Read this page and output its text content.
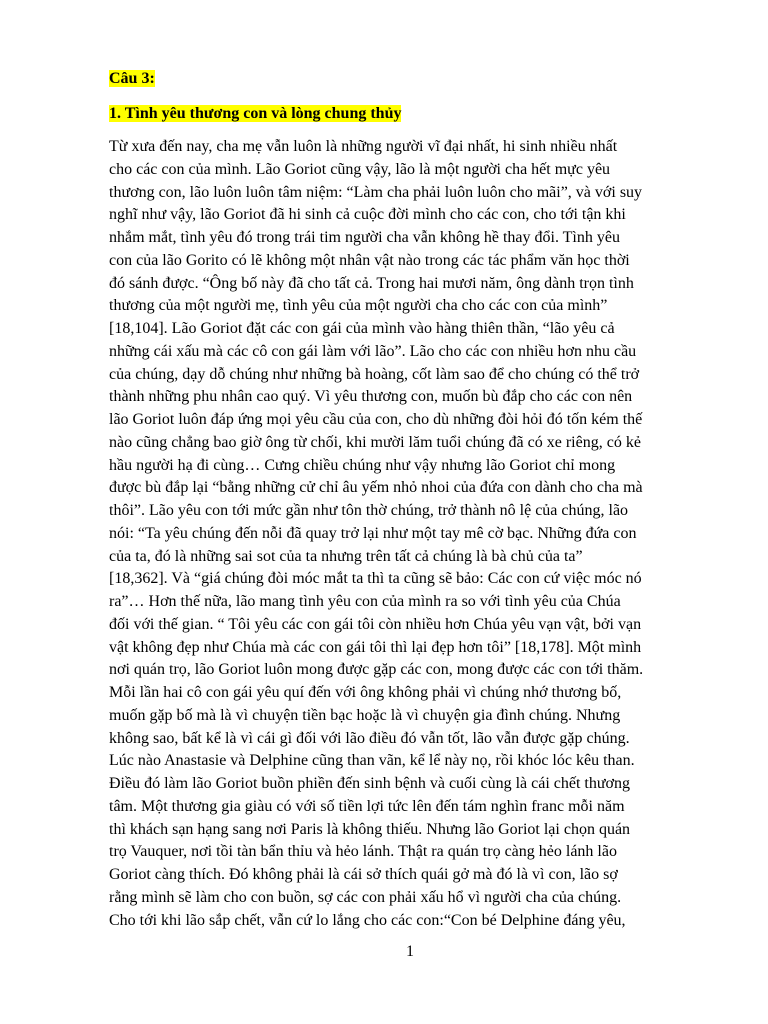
Câu 3:
1. Tình yêu thương con và lòng chung thủy
Từ xưa đến nay, cha mẹ vẫn luôn là những người vĩ đại nhất, hi sinh nhiều nhất
cho các con của mình. Lão Goriot cũng vậy, lão là một người cha hết mực yêu
thương con, lão luôn luôn tâm niệm: “Làm cha phải luôn luôn cho mãi”, và với suy
nghĩ như vậy, lão Goriot đã hi sinh cả cuộc đời mình cho các con, cho tới tận khi
nhắm mắt, tình yêu đó trong trái tim người cha vẫn không hề thay đổi. Tình yêu
con của lão Gorito có lẽ không một nhân vật nào trong các tác phẩm văn học thời
đó sánh được. “Ông bố này đã cho tất cả. Trong hai mươi năm, ông dành trọn tình
thương của một người mẹ, tình yêu của một người cha cho các con của mình”
[18,104]. Lão Goriot đặt các con gái của mình vào hàng thiên thần, “lão yêu cả
những cái xấu mà các cô con gái làm với lão”. Lão cho các con nhiều hơn nhu cầu
của chúng, dạy dỗ chúng như những bà hoàng, cốt làm sao để cho chúng có thể trở
thành những phu nhân cao quý. Vì yêu thương con, muốn bù đắp cho các con nên
lão Goriot luôn đáp ứng mọi yêu cầu của con, cho dù những đòi hỏi đó tốn kém thế
nào cũng chẳng bao giờ ông từ chối, khi mười lăm tuổi chúng đã có xe riêng, có kẻ
hầu người hạ đi cùng… Cưng chiều chúng như vậy nhưng lão Goriot chỉ mong
được bù đắp lại “bằng những cử chỉ âu yếm nhỏ nhoi của đứa con dành cho cha mà
thôi”. Lão yêu con tới mức gần như tôn thờ chúng, trở thành nô lệ của chúng, lão
nói: “Ta yêu chúng đến nỗi đã quay trở lại như một tay mê cờ bạc. Những đứa con
của ta, đó là những sai sot của ta nhưng trên tất cả chúng là bà chủ của ta”
[18,362]. Và “giá chúng đòi móc mắt ta thì ta cũng sẽ bảo: Các con cứ việc móc nó
ra”… Hơn thế nữa, lão mang tình yêu con của mình ra so với tình yêu của Chúa
đối với thế gian. “ Tôi yêu các con gái tôi còn nhiều hơn Chúa yêu vạn vật, bởi vạn
vật không đẹp như Chúa mà các con gái tôi thì lại đẹp hơn tôi” [18,178]. Một mình
nơi quán trọ, lão Goriot luôn mong được gặp các con, mong được các con tới thăm.
Mỗi lần hai cô con gái yêu quí đến với ông không phải vì chúng nhớ thương bố,
muốn gặp bố mà là vì chuyện tiền bạc hoặc là vì chuyện gia đình chúng. Nhưng
không sao, bất kể là vì cái gì đối với lão điều đó vẫn tốt, lão vẫn được gặp chúng.
Lúc nào Anastasie và Delphine cũng than vãn, kể lể này nọ, rồi khóc lóc kêu than.
Điều đó làm lão Goriot buồn phiền đến sinh bệnh và cuối cùng là cái chết thương
tâm. Một thương gia giàu có với số tiền lợi tức lên đến tám nghìn franc mỗi năm
thì khách sạn hạng sang nơi Paris là không thiếu. Nhưng lão Goriot lại chọn quán
trọ Vauquer, nơi tồi tàn bẩn thỉu và hẻo lánh. Thật ra quán trọ càng hẻo lánh lão
Goriot càng thích. Đó không phải là cái sở thích quái gở mà đó là vì con, lão sợ
rằng mình sẽ làm cho con buồn, sợ các con phải xấu hổ vì người cha của chúng.
Cho tới khi lão sắp chết, vẫn cứ lo lắng cho các con:“Con bé Delphine đáng yêu,
1
